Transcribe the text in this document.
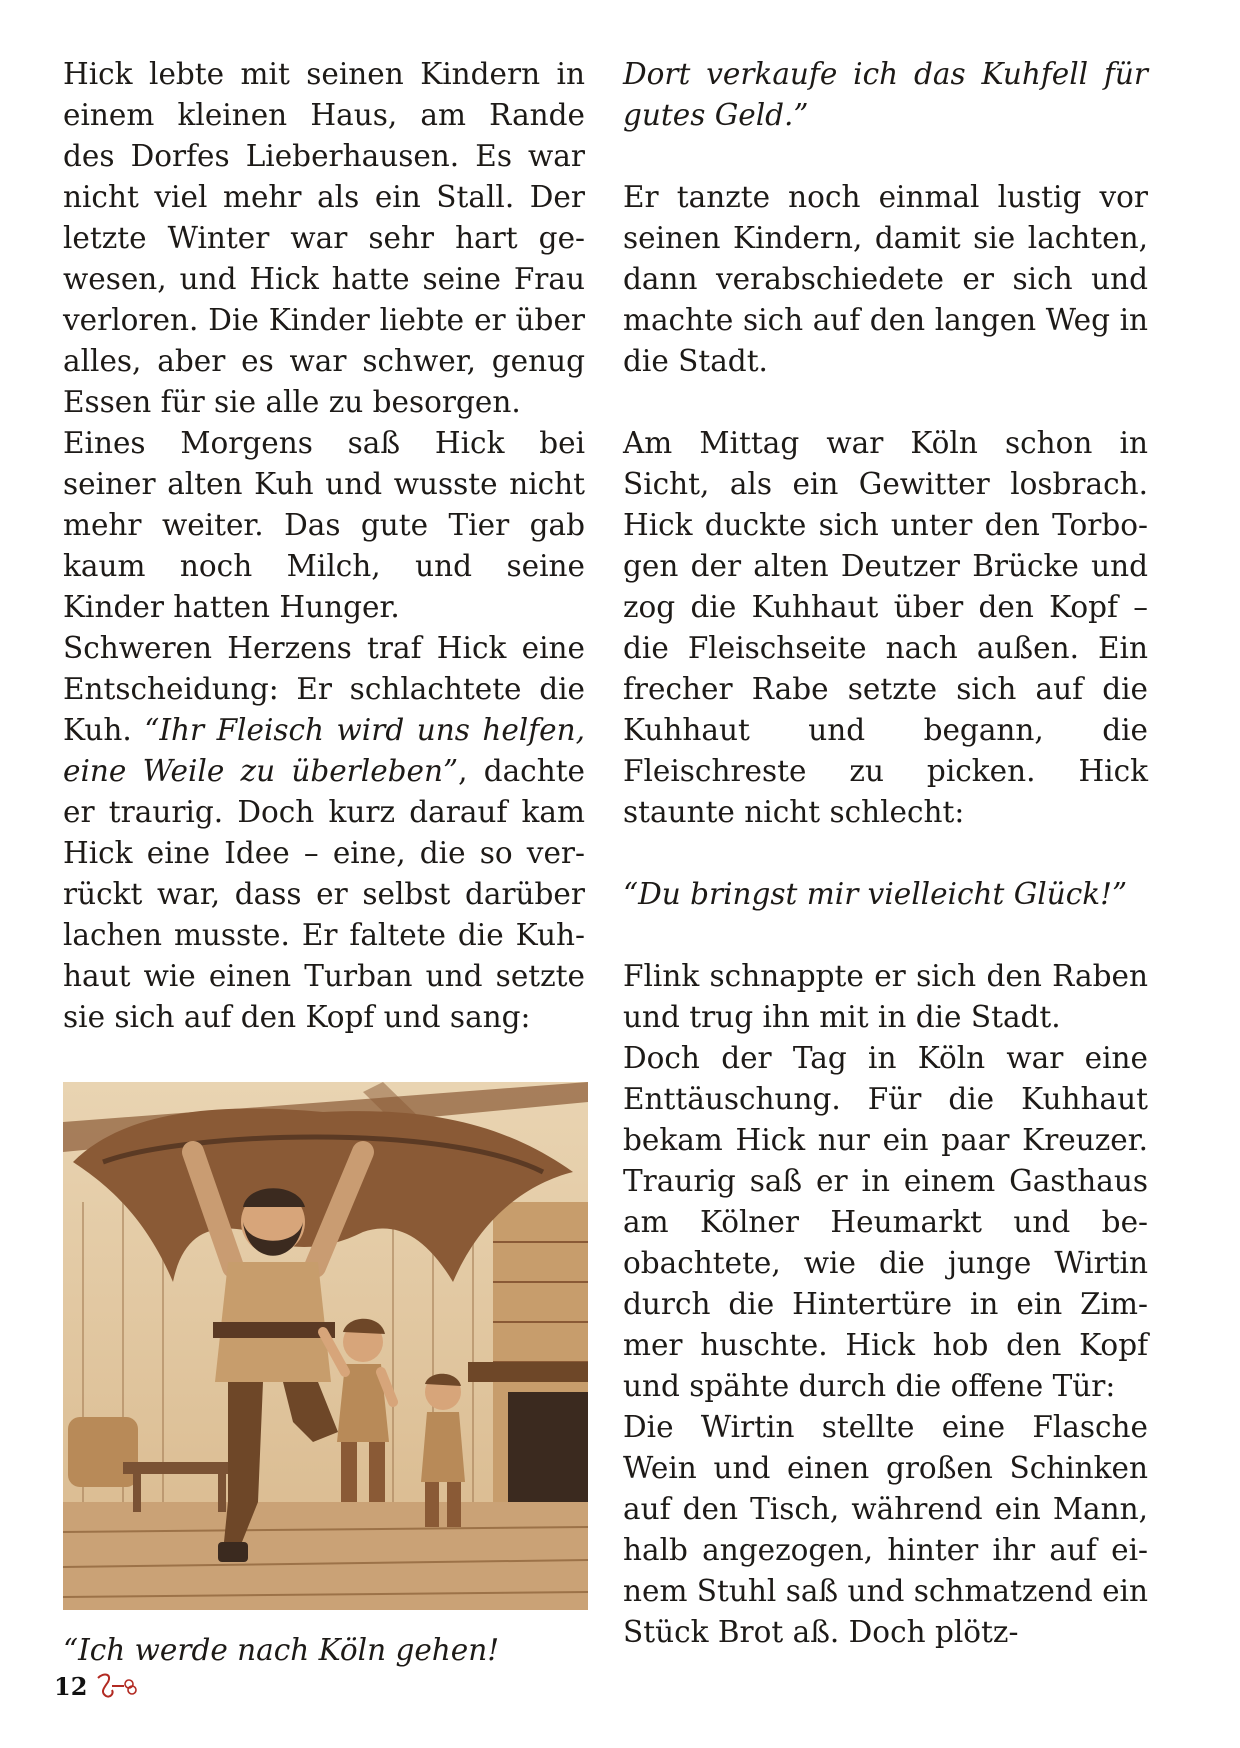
Hick lebte mit seinen Kindern in einem kleinen Haus, am Rande des Dorfes Lieberhausen. Es war nicht viel mehr als ein Stall. Der letzte Winter war sehr hart gewesen, und Hick hatte seine Frau verloren. Die Kinder liebte er über alles, aber es war schwer, genug Essen für sie alle zu besorgen.

Eines Morgens saß Hick bei seiner alten Kuh und wusste nicht mehr weiter. Das gute Tier gab kaum noch Milch, und seine Kinder hatten Hunger.

Schweren Herzens traf Hick eine Entscheidung: Er schlachtete die Kuh. “Ihr Fleisch wird uns helfen, eine Weile zu überleben”, dachte er traurig. Doch kurz darauf kam Hick eine Idee – eine, die so verrückt war, dass er selbst darüber lachen musste. Er faltete die Kuhhaut wie einen Turban und setzte sie sich auf den Kopf und sang:

“Ich werde nach Köln gehen!

Dort verkaufe ich das Kuhfell für gutes Geld.”

Er tanzte noch einmal lustig vor seinen Kindern, damit sie lachten, dann verabschiedete er sich und machte sich auf den langen Weg in die Stadt.

Am Mittag war Köln schon in Sicht, als ein Gewitter losbrach. Hick duckte sich unter den Torbogen der alten Deutzer Brücke und zog die Kuhhaut über den Kopf – die Fleischseite nach außen. Ein frecher Rabe setzte sich auf die Kuhhaut und begann, die Fleischreste zu picken. Hick staunte nicht schlecht:

“Du bringst mir vielleicht Glück!”

Flink schnappte er sich den Raben und trug ihn mit in die Stadt.

Doch der Tag in Köln war eine Enttäuschung. Für die Kuhhaut bekam Hick nur ein paar Kreuzer. Traurig saß er in einem Gasthaus am Kölner Heumarkt und beobachtete, wie die junge Wirtin durch die Hintertüre in ein Zimmer huschte. Hick hob den Kopf und spähte durch die offene Tür:

Die Wirtin stellte eine Flasche Wein und einen großen Schinken auf den Tisch, während ein Mann, halb angezogen, hinter ihr auf einem Stuhl saß und schmatzend ein Stück Brot aß. Doch plötz-

12
